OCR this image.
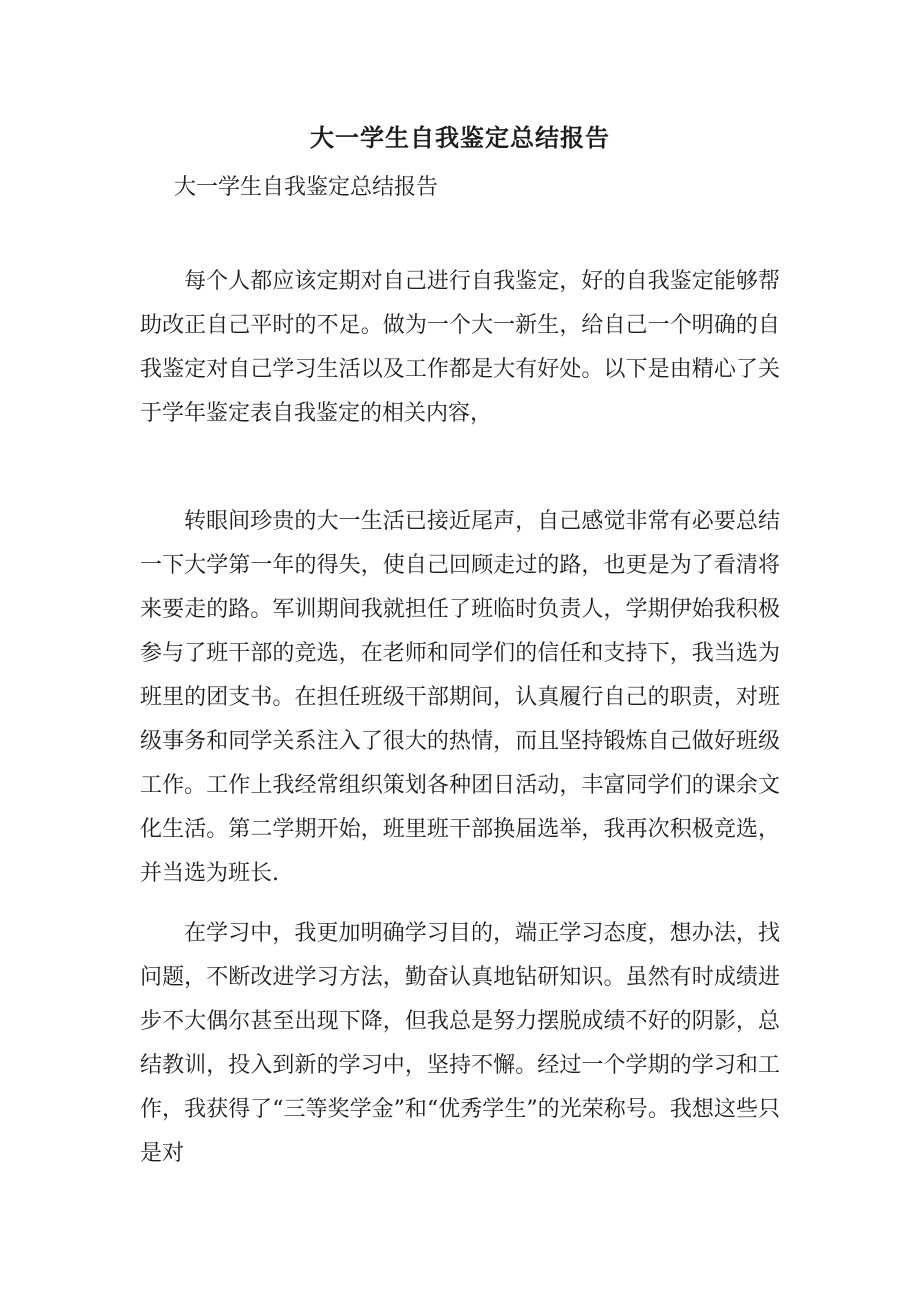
大一学生自我鉴定总结报告

大一学生自我鉴定总结报告

每个人都应该定期对自己进行自我鉴定，好的自我鉴定能够帮助改正自己平时的不足。做为一个大一新生，给自己一个明确的自我鉴定对自己学习生活以及工作都是大有好处。以下是由精心了关于学年鉴定表自我鉴定的相关内容，

转眼间珍贵的大一生活已接近尾声，自己感觉非常有必要总结一下大学第一年的得失，使自己回顾走过的路，也更是为了看清将来要走的路。军训期间我就担任了班临时负责人，学期伊始我积极参与了班干部的竞选，在老师和同学们的信任和支持下，我当选为班里的团支书。在担任班级干部期间，认真履行自己的职责，对班级事务和同学关系注入了很大的热情，而且坚持锻炼自己做好班级工作。工作上我经常组织策划各种团日活动，丰富同学们的课余文化生活。第二学期开始，班里班干部换届选举，我再次积极竞选，并当选为班长.

在学习中，我更加明确学习目的，端正学习态度，想办法，找问题，不断改进学习方法，勤奋认真地钻研知识。虽然有时成绩进步不大偶尔甚至出现下降，但我总是努力摆脱成绩不好的阴影，总结教训，投入到新的学习中，坚持不懈。经过一个学期的学习和工作，我获得了“三等奖学金”和“优秀学生”的光荣称号。我想这些只是对
